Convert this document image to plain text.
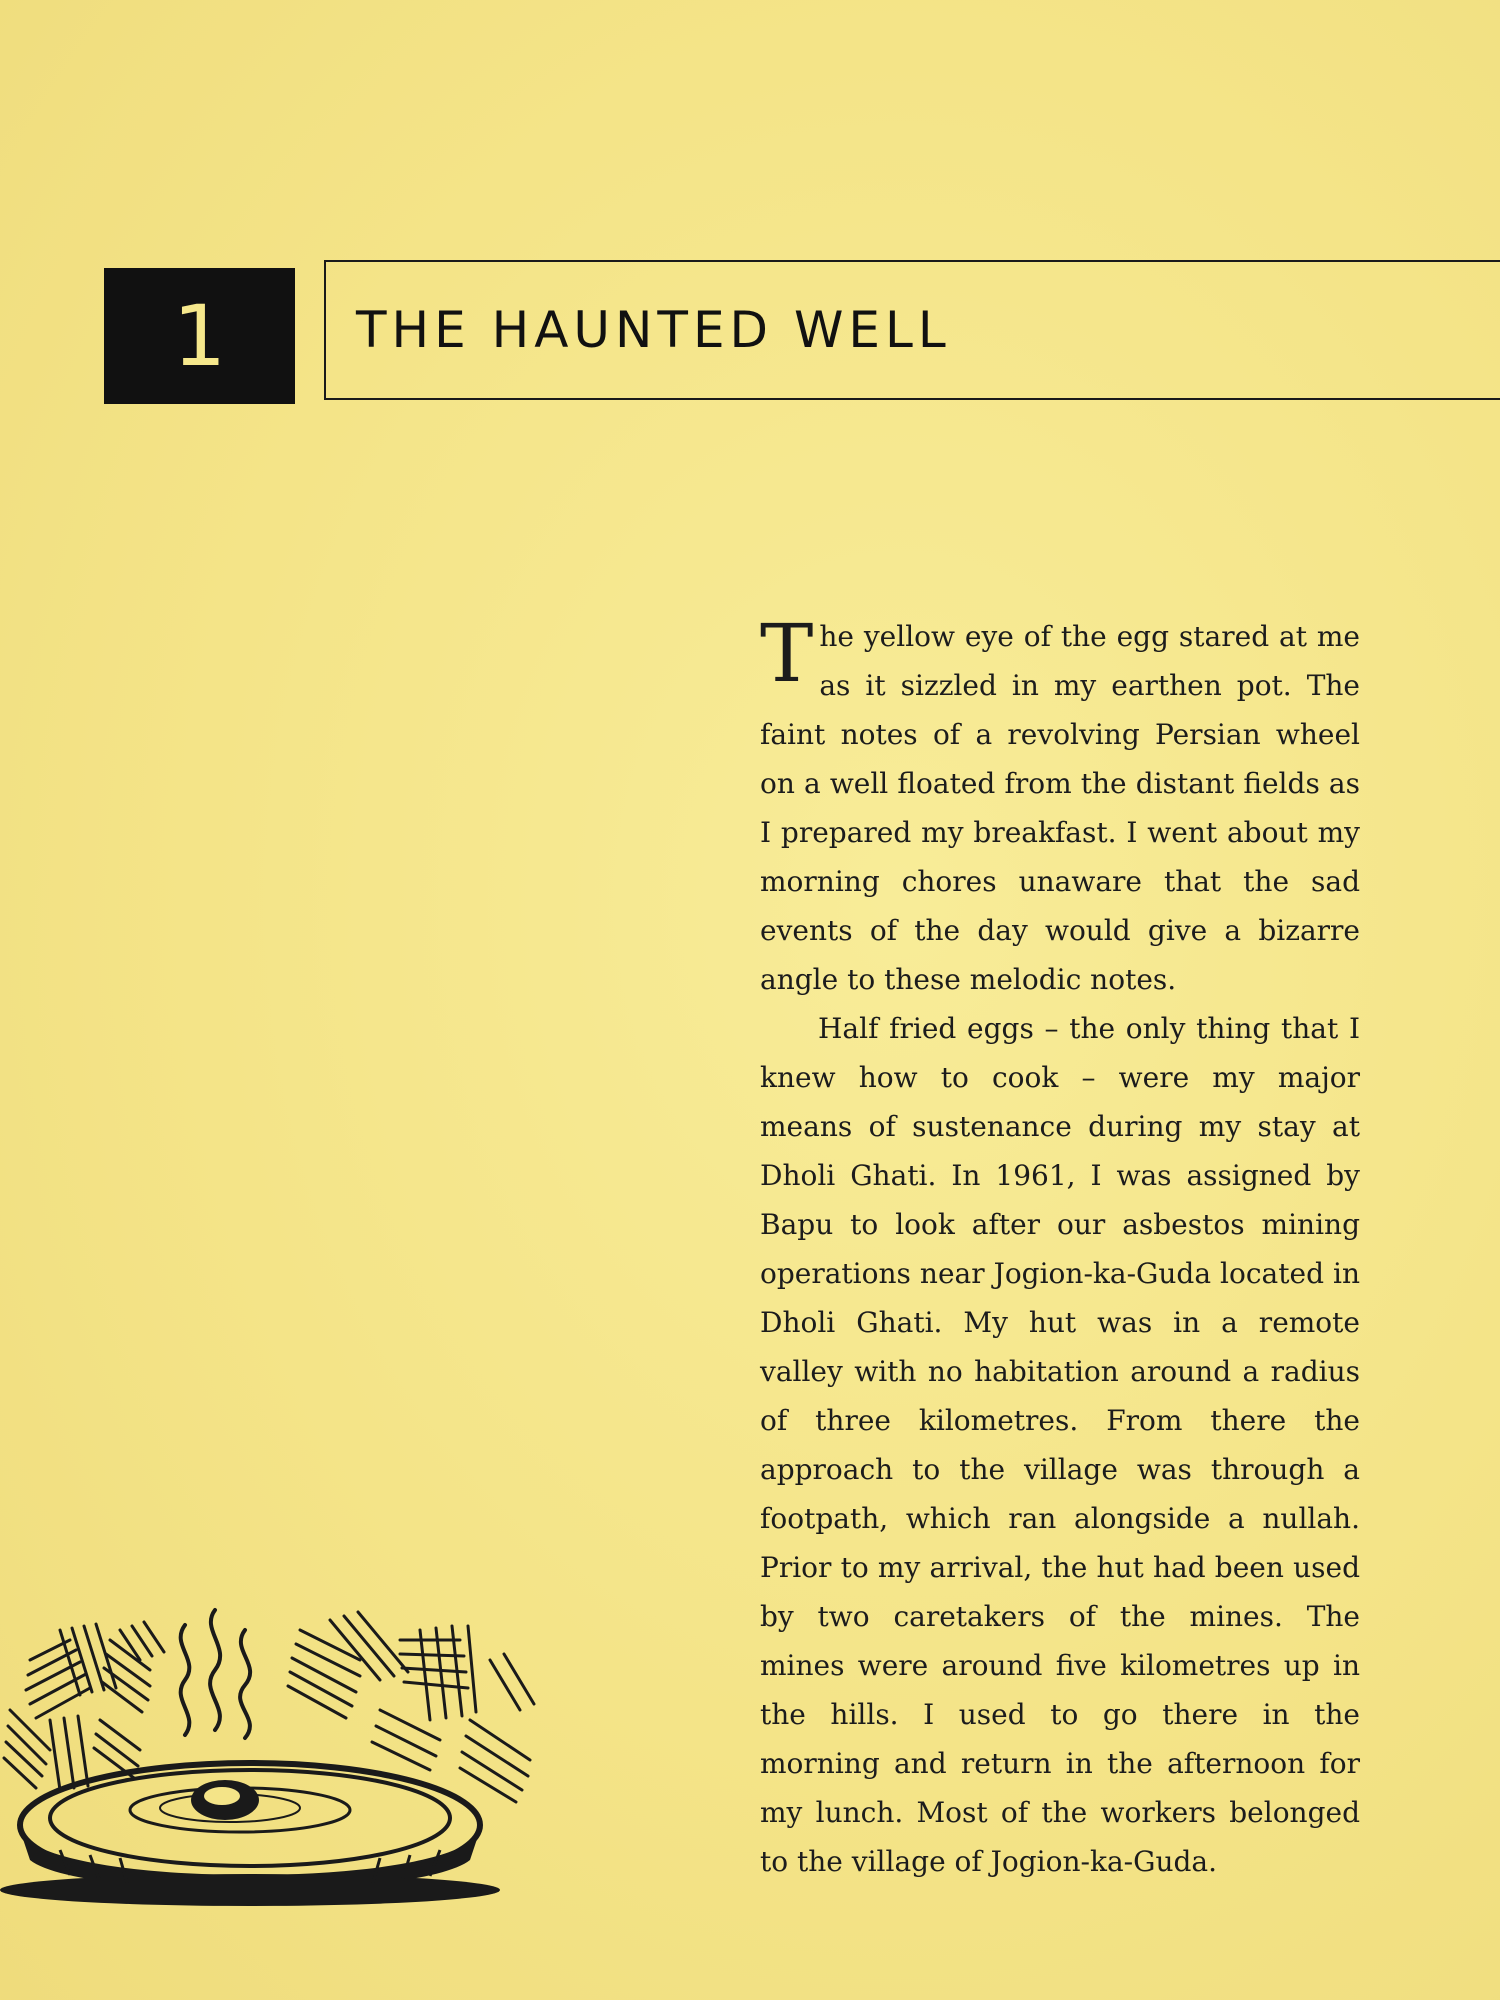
1	THE HAUNTED WELL

The yellow eye of the egg stared at me as it sizzled in my earthen pot. The faint notes of a revolving Persian wheel on a well floated from the distant fields as I prepared my breakfast. I went about my morning chores unaware that the sad events of the day would give a bizarre angle to these melodic notes.

Half fried eggs – the only thing that I knew how to cook – were my major means of sustenance during my stay at Dholi Ghati. In 1961, I was assigned by Bapu to look after our asbestos mining operations near Jogion-ka-Guda located in Dholi Ghati. My hut was in a remote valley with no habitation around a radius of three kilometres. From there the approach to the village was through a footpath, which ran alongside a nullah. Prior to my arrival, the hut had been used by two caretakers of the mines. The mines were around five kilometres up in the hills. I used to go there in the morning and return in the afternoon for my lunch. Most of the workers belonged to the village of Jogion-ka-Guda.
